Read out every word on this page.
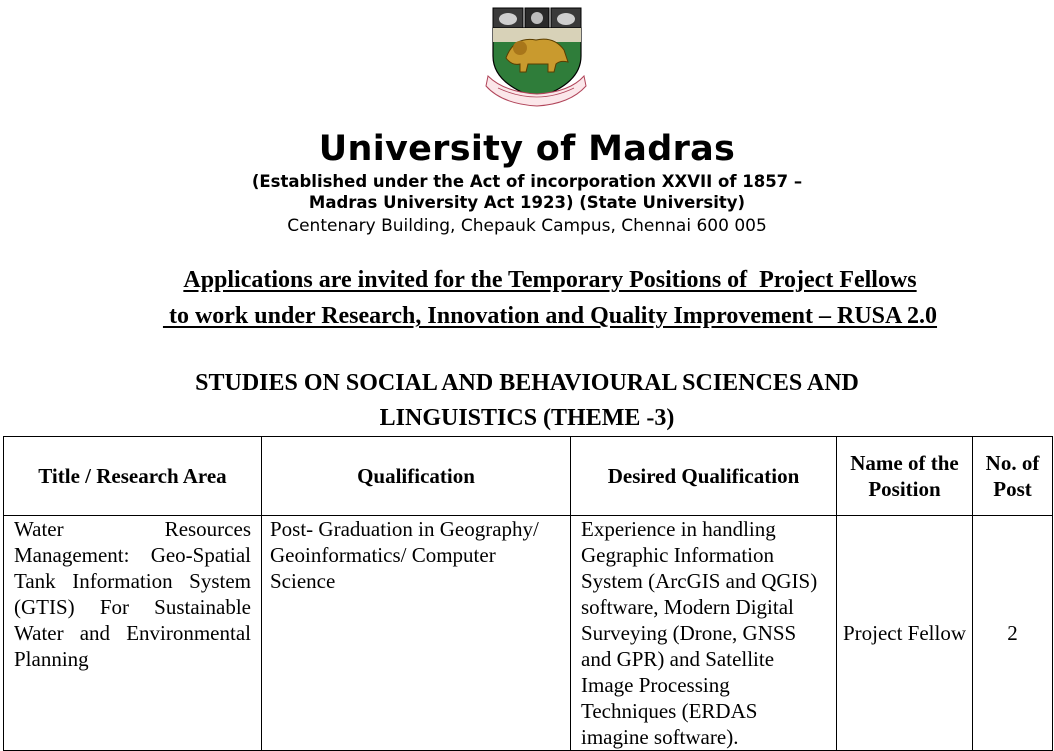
University of Madras
(Established under the Act of incorporation XXVII of 1857 –
Madras University Act 1923) (State University)
Centenary Building, Chepauk Campus, Chennai 600 005
Applications are invited for the Temporary Positions of  Project Fellows
to work under Research, Innovation and Quality Improvement – RUSA 2.0
STUDIES ON SOCIAL AND BEHAVIOURAL SCIENCES AND
LINGUISTICS (THEME -3)
Title / Research Area	Qualification	Desired Qualification	Name of the Position	No. of Post
Water Resources Management: Geo-Spatial Tank Information System (GTIS) For Sustainable Water and Environmental Planning	Post- Graduation in Geography/ Geoinformatics/ Computer Science	Experience in handling Gegraphic Information System (ArcGIS and QGIS) software, Modern Digital Surveying (Drone, GNSS and GPR) and Satellite Image Processing Techniques (ERDAS imagine software).	Project Fellow	2
